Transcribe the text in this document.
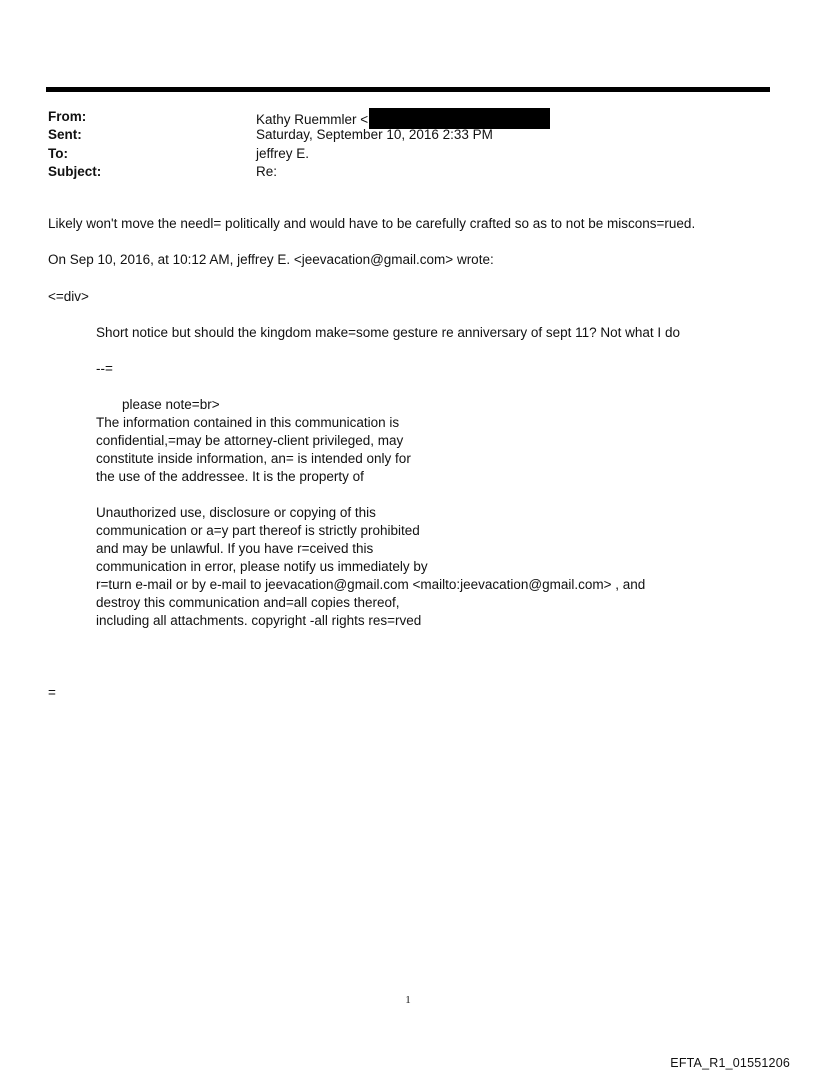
From:	Kathy Ruemmler <
Sent:	Saturday, September 10, 2016 2:33 PM
To:	jeffrey E.
Subject:	Re:
Likely won't move the needl= politically and would have to be carefully crafted so as to not be miscons=rued.
On Sep 10, 2016, at 10:12 AM, jeffrey E. <jeevacation@gmail.com> wrote:
<=div>
Short notice but should the kingdom make=some gesture re anniversary of sept 11? Not what I do
--=
please note=br>
The information contained in this communication is
confidential,=may be attorney-client privileged, may
constitute inside information, an= is intended only for
the use of the addressee. It is the property of
Unauthorized use, disclosure or copying of this
communication or a=y part thereof is strictly prohibited
and may be unlawful. If you have r=ceived this
communication in error, please notify us immediately by
r=turn e-mail or by e-mail to jeevacation@gmail.com <mailto:jeevacation@gmail.com> , and
destroy this communication and=all copies thereof,
including all attachments. copyright -all rights res=rved
=
1
EFTA_R1_01551206
